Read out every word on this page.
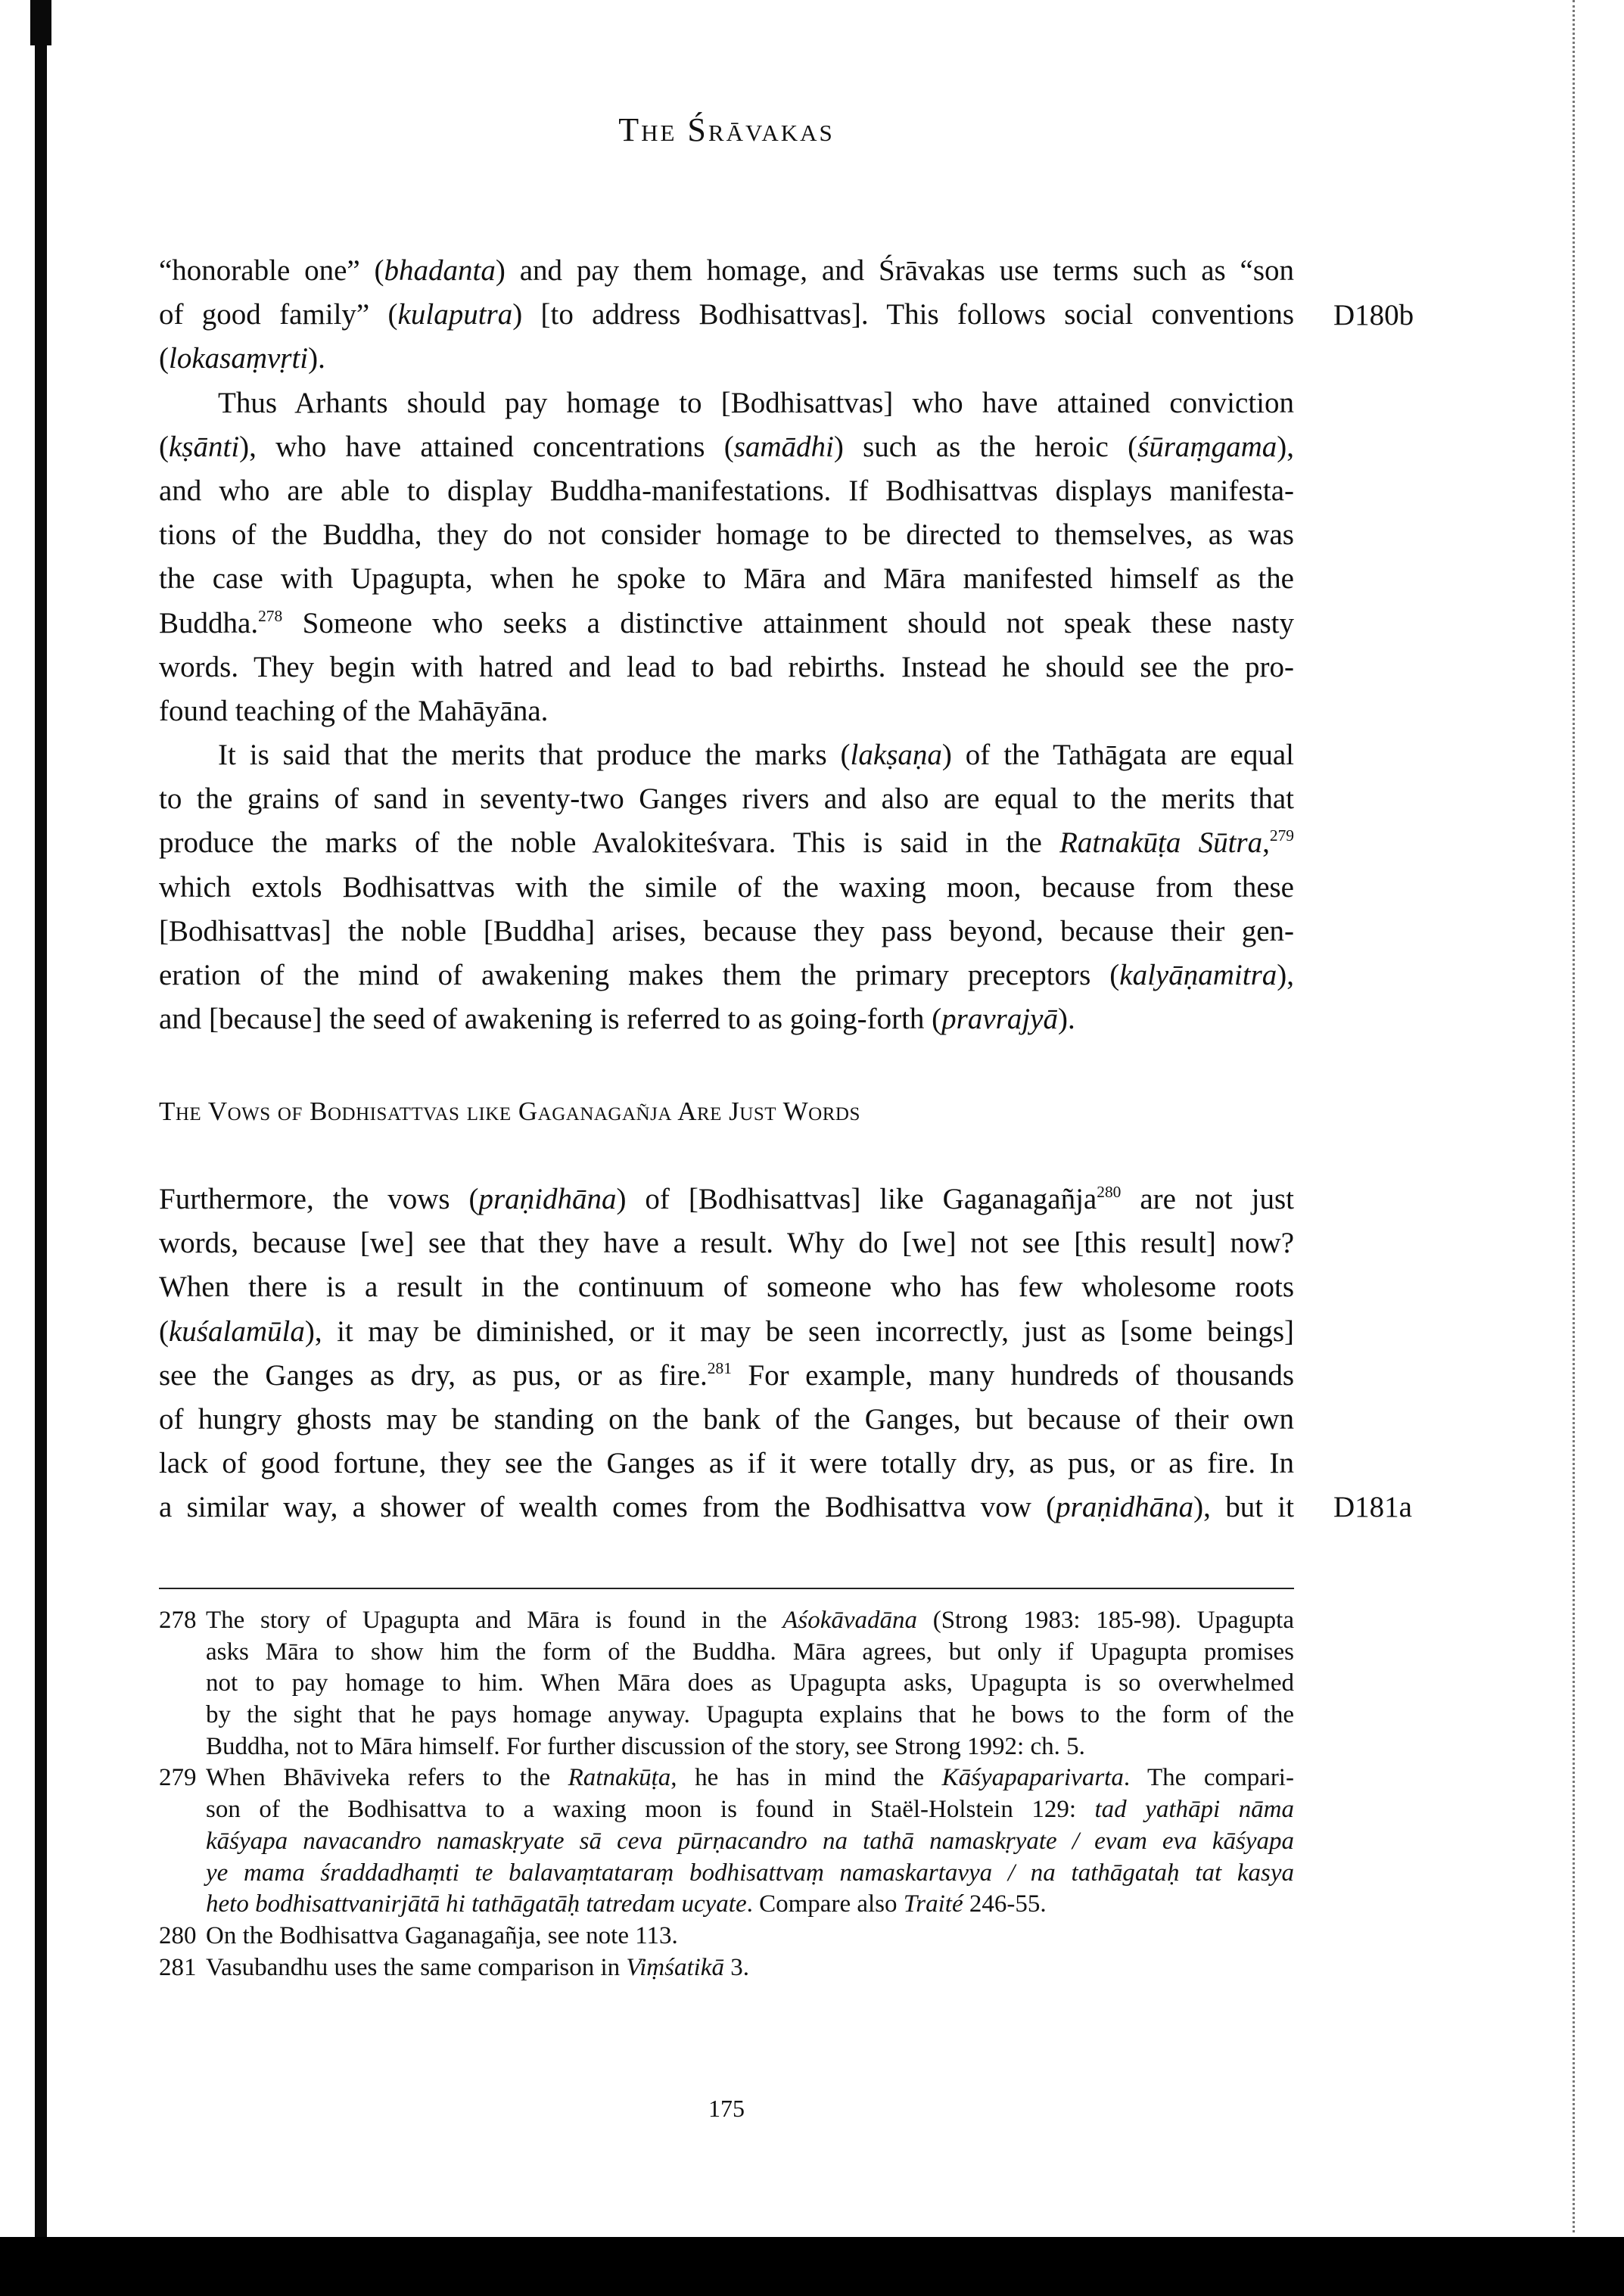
The Śrāvakas
“honorable one” (bhadanta) and pay them homage, and Śrāvakas use terms such as “son
of good family” (kulaputra) [to address Bodhisattvas]. This follows social conventions
(lokasaṃvṛti).
Thus Arhants should pay homage to [Bodhisattvas] who have attained conviction
(kṣānti), who have attained concentrations (samādhi) such as the heroic (śūraṃgama),
and who are able to display Buddha-manifestations. If Bodhisattvas displays manifesta-
tions of the Buddha, they do not consider homage to be directed to themselves, as was
the case with Upagupta, when he spoke to Māra and Māra manifested himself as the
Buddha.$^{278}$ Someone who seeks a distinctive attainment should not speak these nasty
words. They begin with hatred and lead to bad rebirths. Instead he should see the pro-
found teaching of the Mahāyāna.
It is said that the merits that produce the marks (lakṣaṇa) of the Tathāgata are equal
to the grains of sand in seventy-two Ganges rivers and also are equal to the merits that
produce the marks of the noble Avalokiteśvara. This is said in the Ratnakūṭa Sūtra,$^{279}$
which extols Bodhisattvas with the simile of the waxing moon, because from these
[Bodhisattvas] the noble [Buddha] arises, because they pass beyond, because their gen-
eration of the mind of awakening makes them the primary preceptors (kalyāṇamitra),
and [because] the seed of awakening is referred to as going-forth (pravrajyā).
D180b
The Vows of Bodhisattvas like Gaganagañja Are Just Words
Furthermore, the vows (praṇidhāna) of [Bodhisattvas] like Gaganagañja$^{280}$ are not just
words, because [we] see that they have a result. Why do [we] not see [this result] now?
When there is a result in the continuum of someone who has few wholesome roots
(kuśalamūla), it may be diminished, or it may be seen incorrectly, just as [some beings]
see the Ganges as dry, as pus, or as fire.$^{281}$ For example, many hundreds of thousands
of hungry ghosts may be standing on the bank of the Ganges, but because of their own
lack of good fortune, they see the Ganges as if it were totally dry, as pus, or as fire. In
a similar way, a shower of wealth comes from the Bodhisattva vow (praṇidhāna), but it D181a
278 The story of Upagupta and Māra is found in the Aśokāvadāna (Strong 1983: 185-98). Upagupta
asks Māra to show him the form of the Buddha. Māra agrees, but only if Upagupta promises
not to pay homage to him. When Māra does as Upagupta asks, Upagupta is so overwhelmed
by the sight that he pays homage anyway. Upagupta explains that he bows to the form of the
Buddha, not to Māra himself. For further discussion of the story, see Strong 1992: ch. 5.
279 When Bhāviveka refers to the Ratnakūṭa, he has in mind the Kāśyapaparivarta. The compari-
son of the Bodhisattva to a waxing moon is found in Staël-Holstein 129: tad yathāpi nāma
kāśyapa navacandro namaskṛyate sā ceva pūrṇacandro na tathā namaskṛyate / evam eva kāśyapa
ye mama śraddadhaṃti te balavaṃtataraṃ bodhisattvaṃ namaskartavya / na tathāgataḥ tat kasya
heto bodhisattvanirjātā hi tathāgatāḥ tatredam ucyate. Compare also Traité 246-55.
280 On the Bodhisattva Gaganagañja, see note 113.
281 Vasubandhu uses the same comparison in Viṃśatikā 3.
175
